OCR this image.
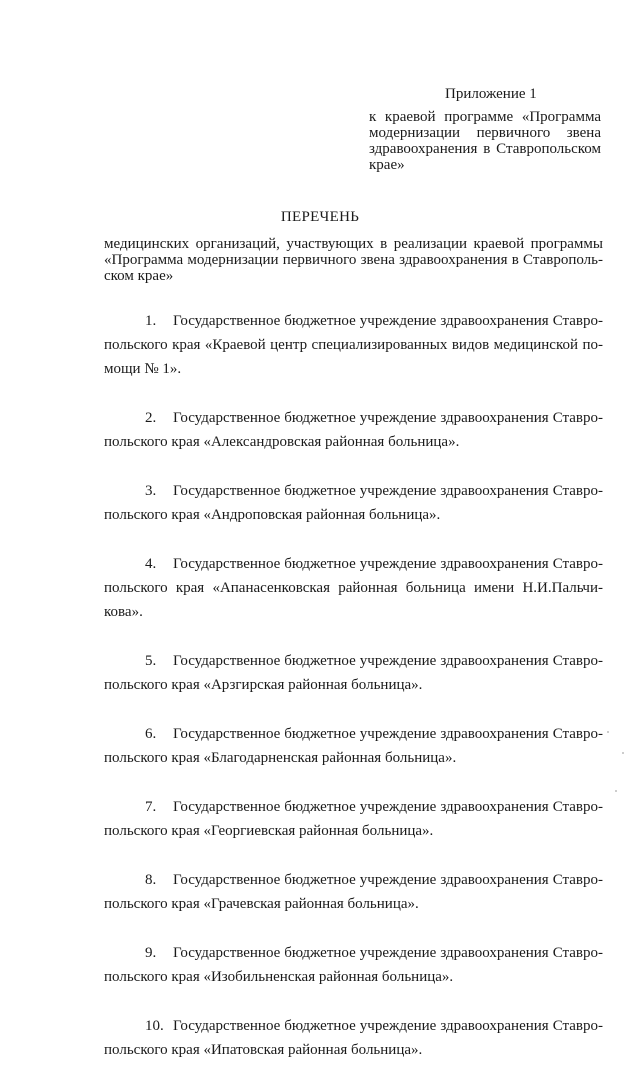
Приложение 1
к краевой программе «Программа
модернизации первичного звена
здравоохранения в Ставропольском
крае»
ПЕРЕЧЕНЬ
медицинских организаций, участвующих в реализации краевой программы
«Программа модернизации первичного звена здравоохранения в Ставрополь-
ском крае»
1. Государственное бюджетное учреждение здравоохранения Ставро-
польского края «Краевой центр специализированных видов медицинской по-
мощи № 1».
2. Государственное бюджетное учреждение здравоохранения Ставро-
польского края «Александровская районная больница».
3. Государственное бюджетное учреждение здравоохранения Ставро-
польского края «Андроповская районная больница».
4. Государственное бюджетное учреждение здравоохранения Ставро-
польского края «Апанасенковская районная больница имени Н.И.Пальчи-
кова».
5. Государственное бюджетное учреждение здравоохранения Ставро-
польского края «Арзгирская районная больница».
6. Государственное бюджетное учреждение здравоохранения Ставро-
польского края «Благодарненская районная больница».
7. Государственное бюджетное учреждение здравоохранения Ставро-
польского края «Георгиевская районная больница».
8. Государственное бюджетное учреждение здравоохранения Ставро-
польского края «Грачевская районная больница».
9. Государственное бюджетное учреждение здравоохранения Ставро-
польского края «Изобильненская районная больница».
10. Государственное бюджетное учреждение здравоохранения Ставро-
польского края «Ипатовская районная больница».
